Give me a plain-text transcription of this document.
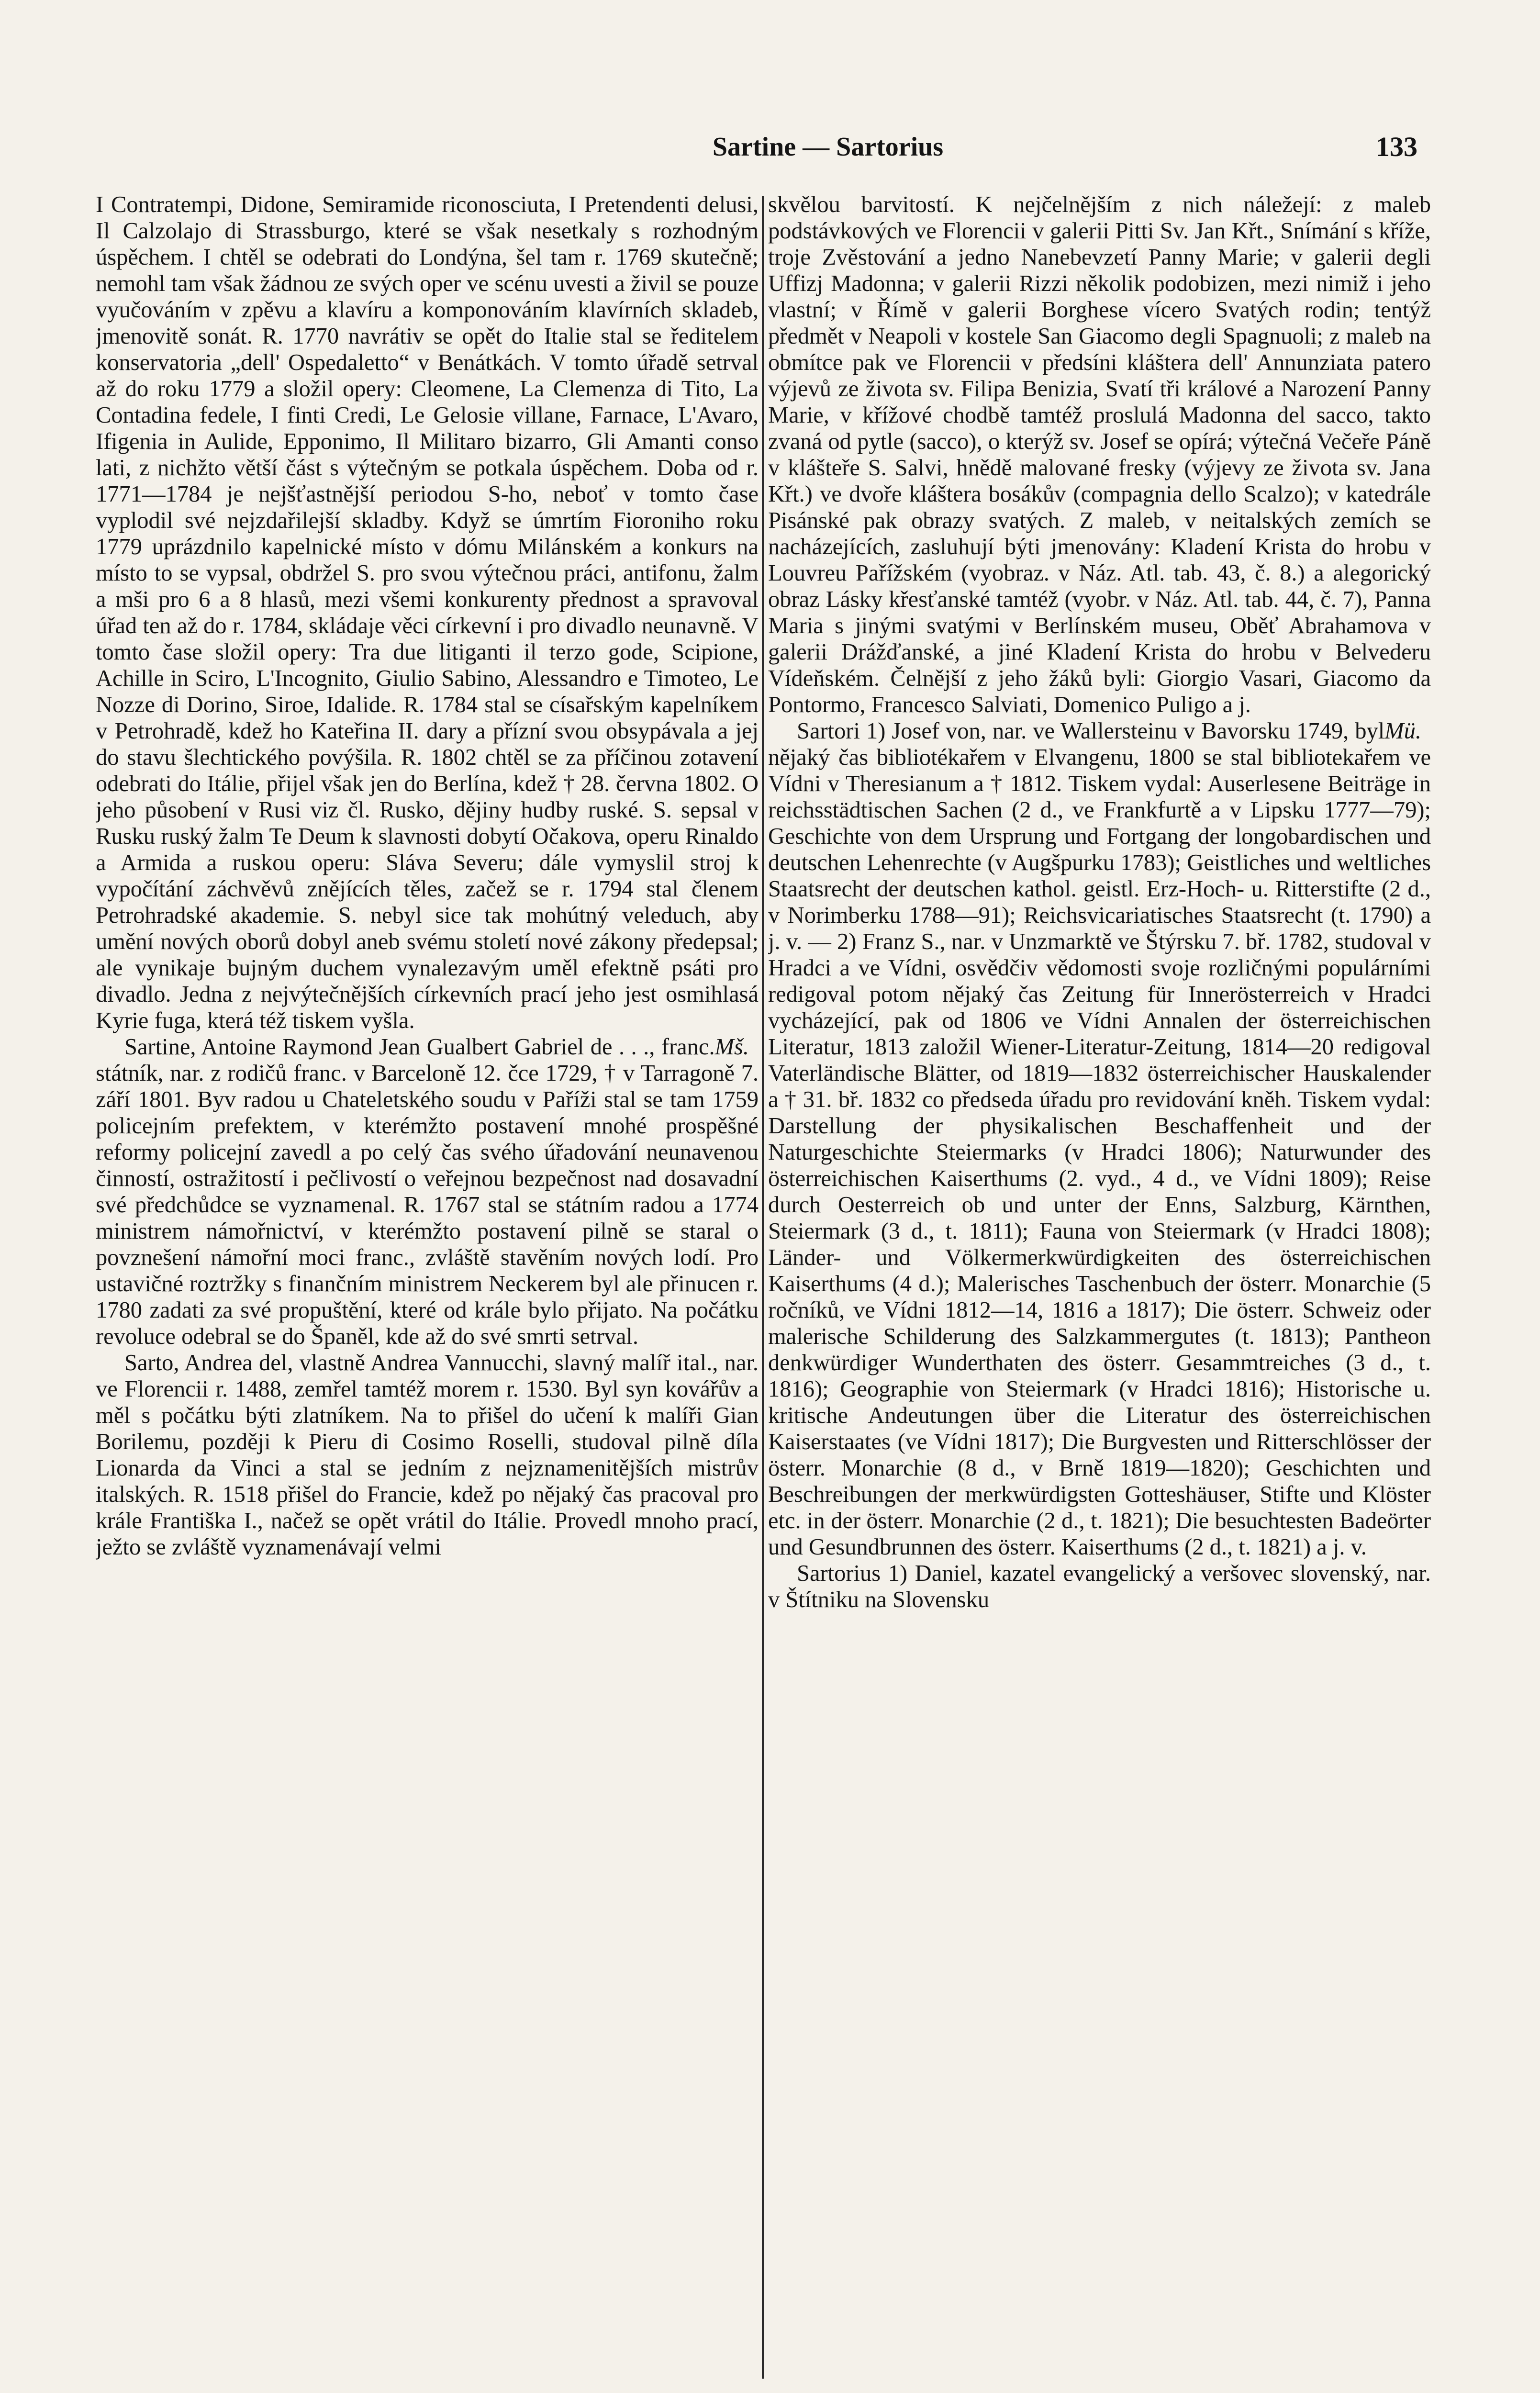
Sartine — Sartorius	133

I Contratempi, Didone, Semiramide riconosciuta, I Pretendenti delusi, Il Calzolajo di Strassburgo, které se však nesetkaly s rozhodným úspěchem. I chtěl se odebrati do Londýna, šel tam r. 1769 skutečně; nemohl tam však žádnou ze svých oper ve scénu uvesti a živil se pouze vyučováním v zpěvu a klavíru a komponováním klavírních skladeb, jmenovitě sonát. R. 1770 navrátiv se opět do Italie stal se ředitelem konservatoria „dell' Ospedaletto“ v Benátkách. V tomto úřadě setrval až do roku 1779 a složil opery: Cleomene, La Clemenza di Tito, La Contadina fedele, I finti Credi, Le Gelosie villane, Farnace, L'Avaro, Ifigenia in Aulide, Epponimo, Il Militaro bizarro, Gli Amanti conso lati, z nichžto větší část s výtečným se potkala úspěchem. Doba od r. 1771—1784 je nejšťastnější periodou S-ho, neboť v tomto čase vyplodil své nejzdařilejší skladby. Když se úmrtím Fioroniho roku 1779 uprázdnilo kapelnické místo v dómu Milánském a konkurs na místo to se vypsal, obdržel S. pro svou výtečnou práci, antifonu, žalm a mši pro 6 a 8 hlasů, mezi všemi konkurenty přednost a spravoval úřad ten až do r. 1784, skládaje věci církevní i pro divadlo neunavně. V tomto čase složil opery: Tra due litiganti il terzo gode, Scipione, Achille in Sciro, L'Incognito, Giulio Sabino, Alessandro e Timoteo, Le Nozze di Dorino, Siroe, Idalide. R. 1784 stal se císařským kapelníkem v Petrohradě, kdež ho Kateřina II. dary a přízní svou obsypávala a jej do stavu šlechtického povýšila. R. 1802 chtěl se za příčinou zotavení odebrati do Itálie, přijel však jen do Berlína, kdež † 28. června 1802. O jeho působení v Rusi viz čl. Rusko, dějiny hudby ruské. S. sepsal v Rusku ruský žalm Te Deum k slavnosti dobytí Očakova, operu Rinaldo a Armida a ruskou operu: Sláva Severu; dále vymyslil stroj k vypočítání záchvěvů znějících těles, začež se r. 1794 stal členem Petrohradské akademie. S. nebyl sice tak mohútný veleduch, aby umění nových oborů dobyl aneb svému století nové zákony předepsal; ale vynikaje bujným duchem vynalezavým uměl efektně psáti pro divadlo. Jedna z nejvýtečnějších církevních prací jeho jest osmihlasá Kyrie fuga, která též tiskem vyšla.

Mš.

Sartine, Antoine Raymond Jean Gualbert Gabriel de . . ., franc. státník, nar. z rodičů franc. v Barceloně 12. čce 1729, † v Tarragoně 7. září 1801. Byv radou u Chateletského soudu v Paříži stal se tam 1759 policejním prefektem, v kterémžto postavení mnohé prospěšné reformy policejní zavedl a po celý čas svého úřadování neunavenou činností, ostražitostí i pečlivostí o veřejnou bezpečnost nad dosavadní své předchůdce se vyznamenal. R. 1767 stal se státním radou a 1774 ministrem námořnictví, v kterémžto postavení pilně se staral o povznešení námořní moci franc., zvláště stavěním nových lodí. Pro ustavičné roztržky s finančním ministrem Neckerem byl ale přinucen r. 1780 zadati za své propuštění, které od krále bylo přijato. Na počátku revoluce odebral se do Španěl, kde až do své smrti setrval.

Sarto, Andrea del, vlastně Andrea Vannucchi, slavný malíř ital., nar. ve Florencii r. 1488, zemřel tamtéž morem r. 1530. Byl syn kovářův a měl s počátku býti zlatníkem. Na to přišel do učení k malíři Gian Borilemu, později k Pieru di Cosimo Roselli, studoval pilně díla Lionarda da Vinci a stal se jedním z nejznamenitějších mistrův italských. R. 1518 přišel do Francie, kdež po nějaký čas pracoval pro krále Františka I., načež se opět vrátil do Itálie. Provedl mnoho prací, ježto se zvláště vyznamenávají velmi

skvělou barvitostí. K nejčelnějším z nich náležejí: z maleb podstávkových ve Florencii v galerii Pitti Sv. Jan Křt., Snímání s kříže, troje Zvěstování a jedno Nanebevzetí Panny Marie; v galerii degli Uffizj Madonna; v galerii Rizzi několik podobizen, mezi nimiž i jeho vlastní; v Římě v galerii Borghese vícero Svatých rodin; tentýž předmět v Neapoli v kostele San Giacomo degli Spagnuoli; z maleb na obmítce pak ve Florencii v předsíni kláštera dell' Annunziata patero výjevů ze života sv. Filipa Benizia, Svatí tři králové a Narození Panny Marie, v křížové chodbě tamtéž proslulá Madonna del sacco, takto zvaná od pytle (sacco), o kterýž sv. Josef se opírá; výtečná Večeře Páně v klášteře S. Salvi, hnědě malované fresky (výjevy ze života sv. Jana Křt.) ve dvoře kláštera bosákův (compagnia dello Scalzo); v katedrále Pisánské pak obrazy svatých. Z maleb, v neitalských zemích se nacházejících, zasluhují býti jmenovány: Kladení Krista do hrobu v Louvreu Pařížském (vyobraz. v Náz. Atl. tab. 43, č. 8.) a alegorický obraz Lásky křesťanské tamtéž (vyobr. v Náz. Atl. tab. 44, č. 7), Panna Maria s jinými svatými v Berlínském museu, Oběť Abrahamova v galerii Drážďanské, a jiné Kladení Krista do hrobu v Belvederu Vídeňském. Čelnější z jeho žáků byli: Giorgio Vasari, Giacomo da Pontormo, Francesco Salviati, Domenico Puligo a j.

Mü.

Sartori 1) Josef von, nar. ve Wallersteinu v Bavorsku 1749, byl nějaký čas bibliotékařem v Elvangenu, 1800 se stal bibliotekařem ve Vídni v Theresianum a † 1812. Tiskem vydal: Auserlesene Beiträge in reichsstädtischen Sachen (2 d., ve Frankfurtě a v Lipsku 1777—79); Geschichte von dem Ursprung und Fortgang der longobardischen und deutschen Lehenrechte (v Augšpurku 1783); Geistliches und weltliches Staatsrecht der deutschen kathol. geistl. Erz-Hoch- u. Ritterstifte (2 d., v Norimberku 1788—91); Reichsvicariatisches Staatsrecht (t. 1790) a j. v. — 2) Franz S., nar. v Unzmarktě ve Štýrsku 7. bř. 1782, studoval v Hradci a ve Vídni, osvědčiv vědomosti svoje rozličnými populárními redigoval potom nějaký čas Zeitung für Innerösterreich v Hradci vycházející, pak od 1806 ve Vídni Annalen der österreichischen Literatur, 1813 založil Wiener-Literatur-Zeitung, 1814—20 redigoval Vaterländische Blätter, od 1819—1832 österreichischer Hauskalender a † 31. bř. 1832 co předseda úřadu pro revidování kněh. Tiskem vydal: Darstellung der physikalischen Beschaffenheit und der Naturgeschichte Steiermarks (v Hradci 1806); Naturwunder des österreichischen Kaiserthums (2. vyd., 4 d., ve Vídni 1809); Reise durch Oesterreich ob und unter der Enns, Salzburg, Kärnthen, Steiermark (3 d., t. 1811); Fauna von Steiermark (v Hradci 1808); Länder- und Völkermerkwürdigkeiten des österreichischen Kaiserthums (4 d.); Malerisches Taschenbuch der österr. Monarchie (5 ročníků, ve Vídni 1812—14, 1816 a 1817); Die österr. Schweiz oder malerische Schilderung des Salzkammergutes (t. 1813); Pantheon denkwürdiger Wunderthaten des österr. Gesammtreiches (3 d., t. 1816); Geographie von Steiermark (v Hradci 1816); Historische u. kritische Andeutungen über die Literatur des österreichischen Kaiserstaates (ve Vídni 1817); Die Burgvesten und Ritterschlösser der österr. Monarchie (8 d., v Brně 1819—1820); Geschichten und Beschreibungen der merkwürdigsten Gotteshäuser, Stifte und Klöster etc. in der österr. Monarchie (2 d., t. 1821); Die besuchtesten Badeörter und Gesundbrunnen des österr. Kaiserthums (2 d., t. 1821) a j. v.

Sartorius 1) Daniel, kazatel evangelický a veršovec slovenský, nar. v Štítniku na Slovensku
